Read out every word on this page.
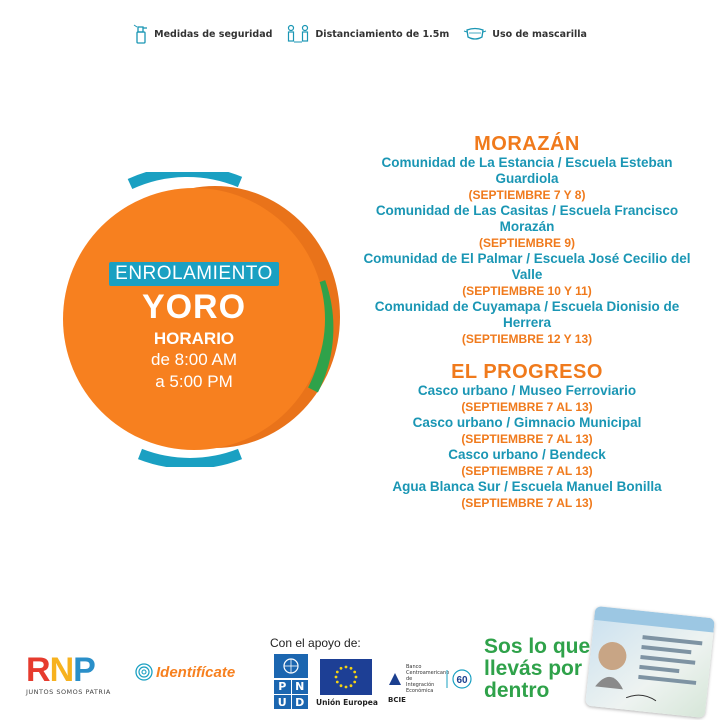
Medidas de seguridad	Distanciamiento de 1.5m	Uso de mascarilla
ENROLAMIENTO
YORO
HORARIO
de 8:00 AM
a 5:00 PM
MORAZÁN
Comunidad de La Estancia / Escuela Esteban Guardiola
(SEPTIEMBRE 7 Y 8)
Comunidad de Las Casitas / Escuela Francisco Morazán
(SEPTIEMBRE 9)
Comunidad de El Palmar / Escuela José Cecilio del Valle
(SEPTIEMBRE 10 Y 11)
Comunidad de Cuyamapa / Escuela Dionisio de Herrera
(SEPTIEMBRE 12 Y 13)
EL PROGRESO
Casco urbano / Museo Ferroviario
(SEPTIEMBRE 7 AL 13)
Casco urbano / Gimnacio Municipal
(SEPTIEMBRE 7 AL 13)
Casco urbano / Bendeck
(SEPTIEMBRE 7 AL 13)
Agua Blanca Sur / Escuela Manuel Bonilla
(SEPTIEMBRE 7 AL 13)
RNP
JUNTOS SOMOS PATRIA
Identifícate
Con el apoyo de:
P N
U D	Unión Europea
Banco Centroamericano de Integración Económica
60
BCIE
Sos lo que
llevás por
dentro
